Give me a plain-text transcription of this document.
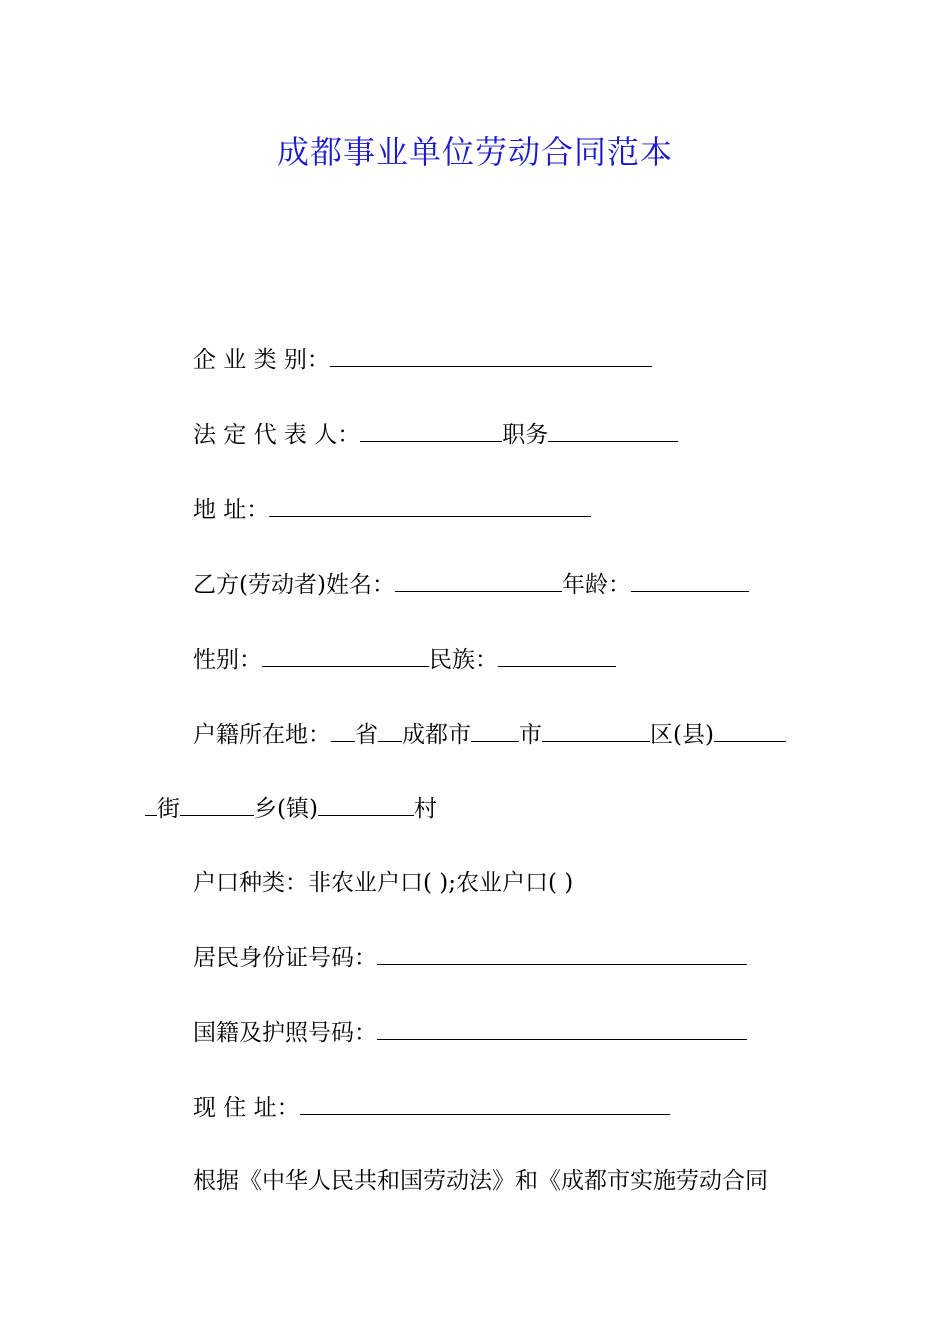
成都事业单位劳动合同范本
企 业 类 别：
法 定 代 表 人：	职务
地 址：
乙方(劳动者)姓名：	年龄：
性别：	民族：
户籍所在地： 省 成都市 市	区(县)
街	乡(镇)	村
户口种类：非农业户口( );农业户口( )
居民身份证号码：
国籍及护照号码：
现 住 址：
根据《中华人民共和国劳动法》和《成都市实施劳动合同
